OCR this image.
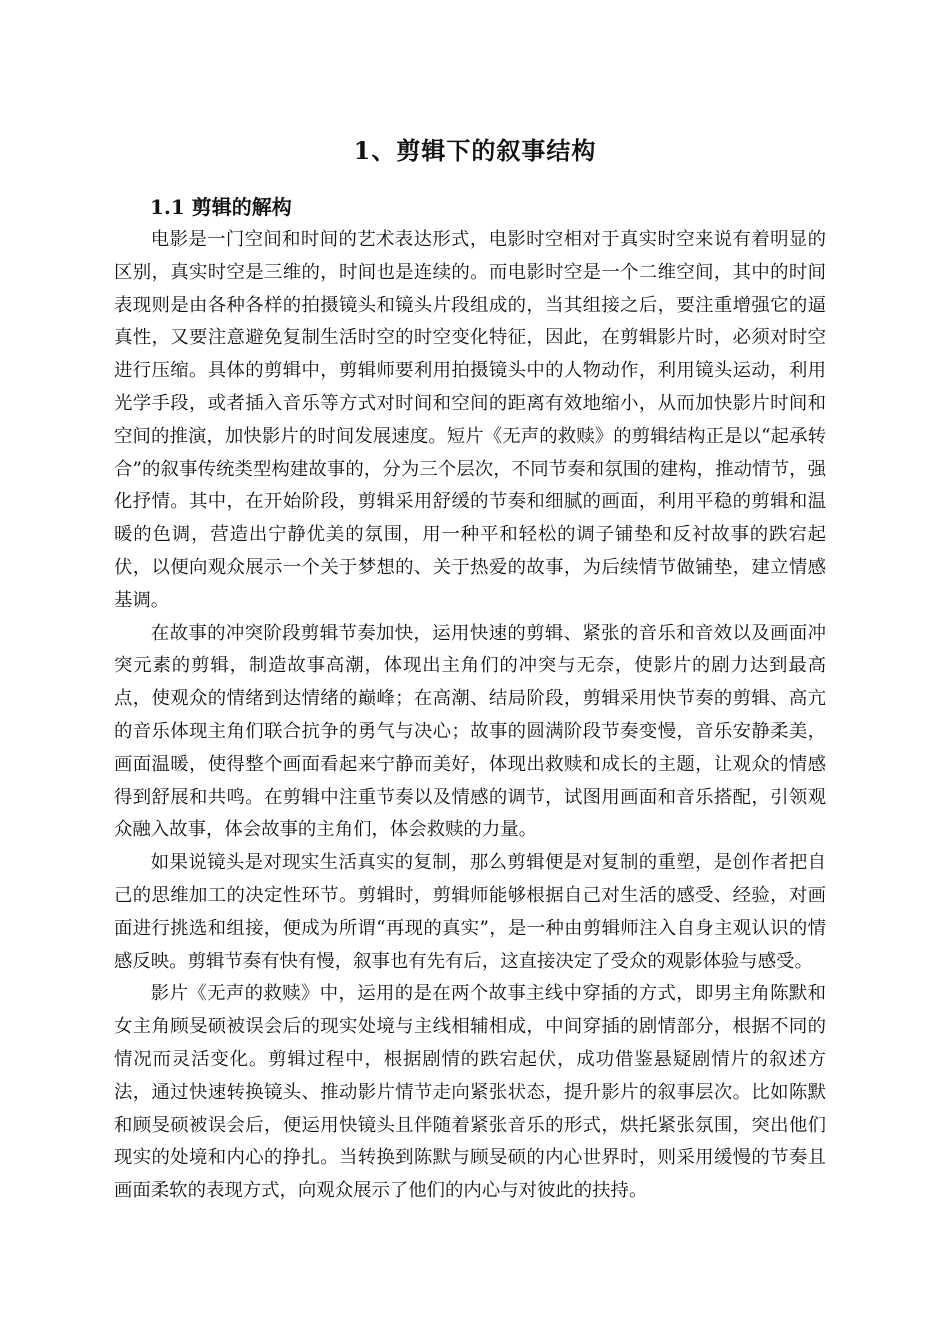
1、剪辑下的叙事结构
1.1 剪辑的解构

电影是一门空间和时间的艺术表达形式，电影时空相对于真实时空来说有着明显的区别，真实时空是三维的，时间也是连续的。而电影时空是一个二维空间，其中的时间表现则是由各种各样的拍摄镜头和镜头片段组成的，当其组接之后，要注重增强它的逼真性，又要注意避免复制生活时空的时空变化特征，因此，在剪辑影片时，必须对时空进行压缩。具体的剪辑中，剪辑师要利用拍摄镜头中的人物动作，利用镜头运动，利用光学手段，或者插入音乐等方式对时间和空间的距离有效地缩小，从而加快影片时间和空间的推演，加快影片的时间发展速度。短片《无声的救赎》的剪辑结构正是以“起承转合”的叙事传统类型构建故事的，分为三个层次，不同节奏和氛围的建构，推动情节，强化抒情。其中，在开始阶段，剪辑采用舒缓的节奏和细腻的画面，利用平稳的剪辑和温暖的色调，营造出宁静优美的氛围，用一种平和轻松的调子铺垫和反衬故事的跌宕起伏，以便向观众展示一个关于梦想的、关于热爱的故事，为后续情节做铺垫，建立情感基调。

在故事的冲突阶段剪辑节奏加快，运用快速的剪辑、紧张的音乐和音效以及画面冲突元素的剪辑，制造故事高潮，体现出主角们的冲突与无奈，使影片的剧力达到最高点，使观众的情绪到达情绪的巅峰；在高潮、结局阶段，剪辑采用快节奏的剪辑、高亢的音乐体现主角们联合抗争的勇气与决心；故事的圆满阶段节奏变慢，音乐安静柔美，画面温暖，使得整个画面看起来宁静而美好，体现出救赎和成长的主题，让观众的情感得到舒展和共鸣。在剪辑中注重节奏以及情感的调节，试图用画面和音乐搭配，引领观众融入故事，体会故事的主角们，体会救赎的力量。

如果说镜头是对现实生活真实的复制，那么剪辑便是对复制的重塑，是创作者把自己的思维加工的决定性环节。剪辑时，剪辑师能够根据自己对生活的感受、经验，对画面进行挑选和组接，便成为所谓“再现的真实”，是一种由剪辑师注入自身主观认识的情感反映。剪辑节奏有快有慢，叙事也有先有后，这直接决定了受众的观影体验与感受。

影片《无声的救赎》中，运用的是在两个故事主线中穿插的方式，即男主角陈默和女主角顾旻硕被误会后的现实处境与主线相辅相成，中间穿插的剧情部分，根据不同的情况而灵活变化。剪辑过程中，根据剧情的跌宕起伏，成功借鉴悬疑剧情片的叙述方法，通过快速转换镜头、推动影片情节走向紧张状态，提升影片的叙事层次。比如陈默和顾旻硕被误会后，便运用快镜头且伴随着紧张音乐的形式，烘托紧张氛围，突出他们现实的处境和内心的挣扎。当转换到陈默与顾旻硕的内心世界时，则采用缓慢的节奏且画面柔软的表现方式，向观众展示了他们的内心与对彼此的扶持。
